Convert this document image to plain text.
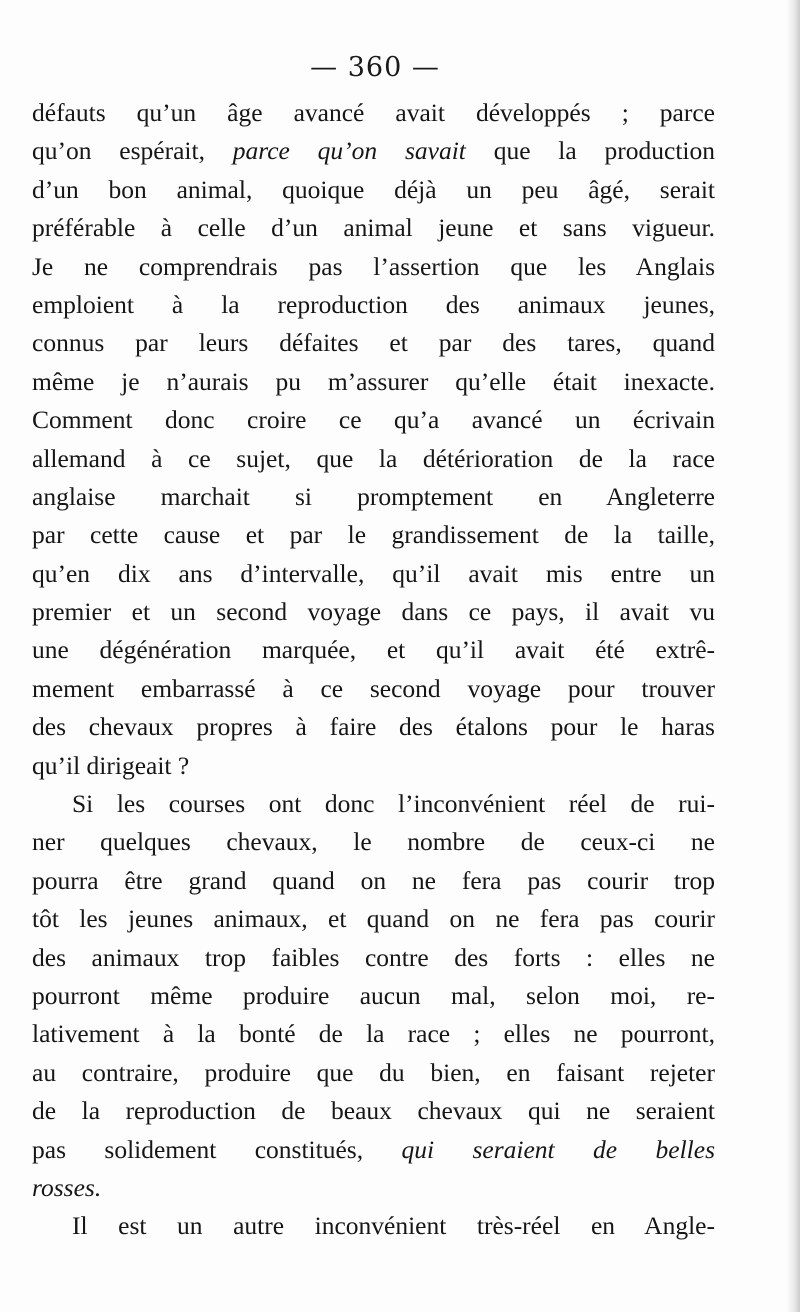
— 360 —
défauts qu’un âge avancé avait développés ; parce
qu’on espérait, parce qu’on savait que la production
d’un bon animal, quoique déjà un peu âgé, serait
préférable à celle d’un animal jeune et sans vigueur.
Je ne comprendrais pas l’assertion que les Anglais
emploient à la reproduction des animaux jeunes,
connus par leurs défaites et par des tares, quand
même je n’aurais pu m’assurer qu’elle était inexacte.
Comment donc croire ce qu’a avancé un écrivain
allemand à ce sujet, que la détérioration de la race
anglaise marchait si promptement en Angleterre
par cette cause et par le grandissement de la taille,
qu’en dix ans d’intervalle, qu’il avait mis entre un
premier et un second voyage dans ce pays, il avait vu
une dégénération marquée, et qu’il avait été extrê-
mement embarrassé à ce second voyage pour trouver
des chevaux propres à faire des étalons pour le haras
qu’il dirigeait ?
Si les courses ont donc l’inconvénient réel de rui-
ner quelques chevaux, le nombre de ceux-ci ne
pourra être grand quand on ne fera pas courir trop
tôt les jeunes animaux, et quand on ne fera pas courir
des animaux trop faibles contre des forts : elles ne
pourront même produire aucun mal, selon moi, re-
lativement à la bonté de la race ; elles ne pourront,
au contraire, produire que du bien, en faisant rejeter
de la reproduction de beaux chevaux qui ne seraient
pas solidement constitués, qui seraient de belles
rosses.
Il est un autre inconvénient très-réel en Angle-
